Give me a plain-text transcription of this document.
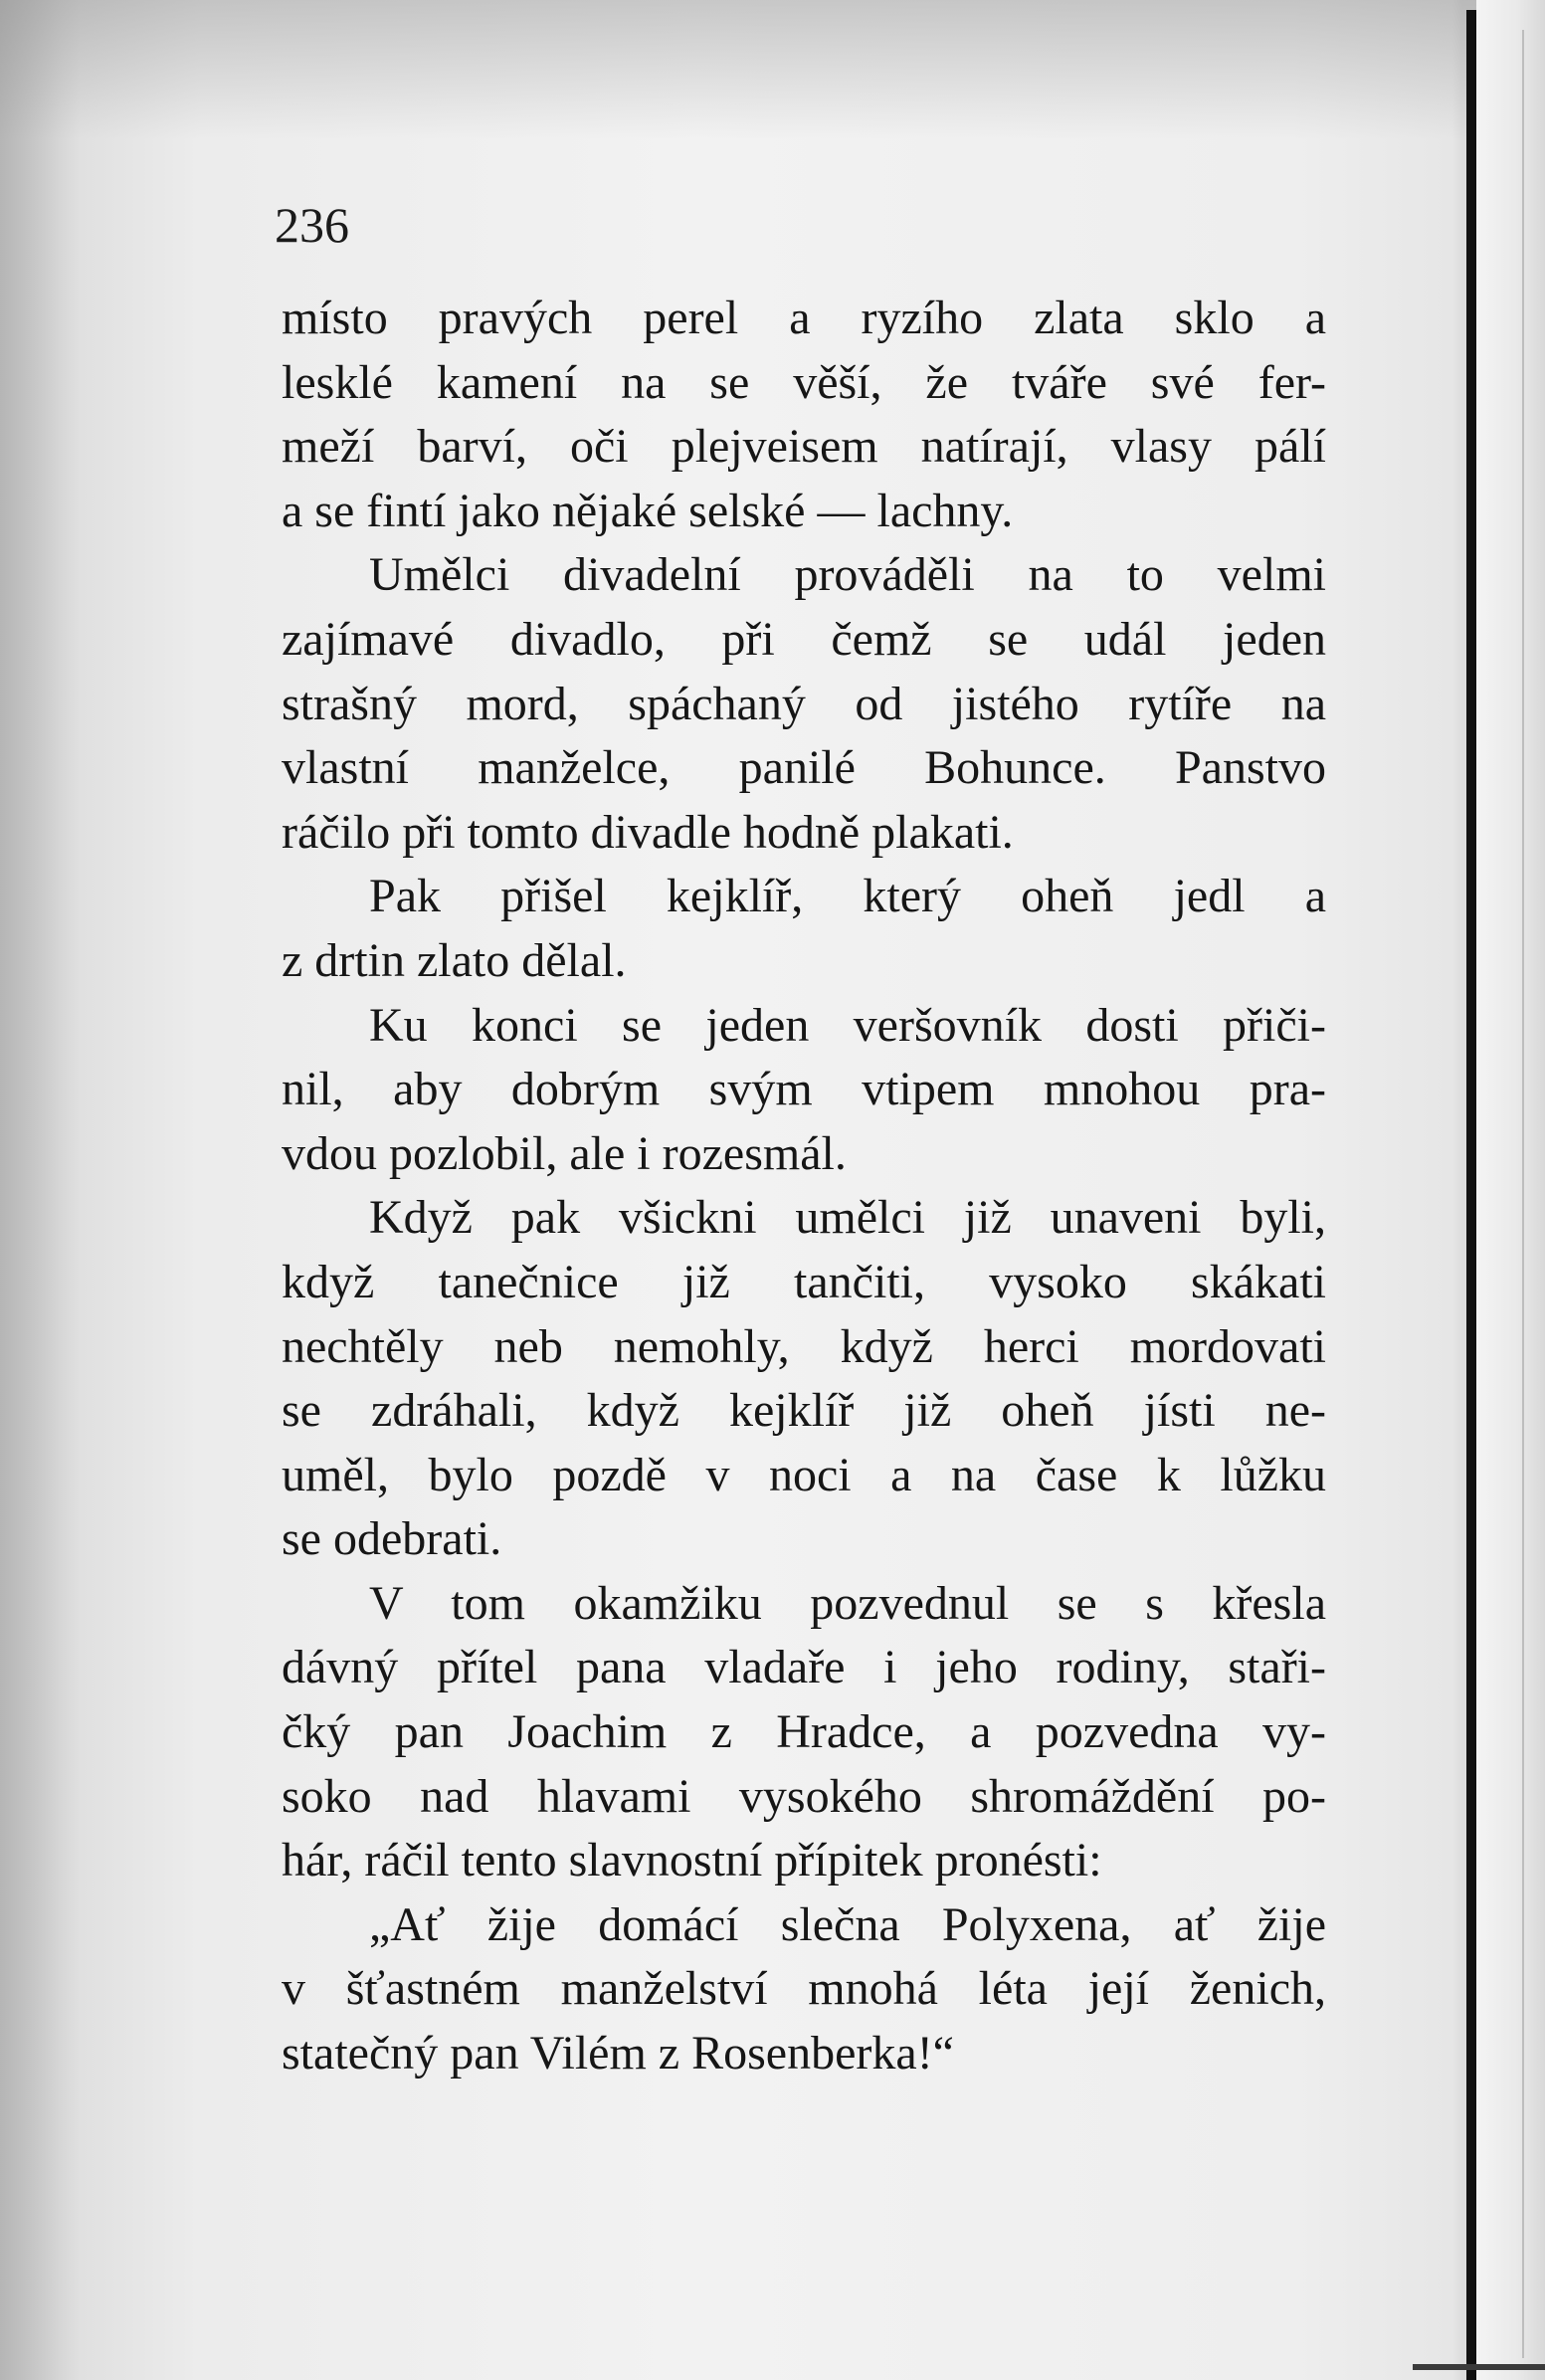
236
místo pravých perel a ryzího zlata sklo a
lesklé kamení na se věší, že tváře své fer-
meží barví, oči plejveisem natírají, vlasy pálí
a se fintí jako nějaké selské — lachny.
Umělci divadelní prováděli na to velmi
zajímavé divadlo, při čemž se udál jeden
strašný mord, spáchaný od jistého rytíře na
vlastní manželce, panilé Bohunce. Panstvo
ráčilo při tomto divadle hodně plakati.
Pak přišel kejklíř, který oheň jedl a
z drtin zlato dělal.
Ku konci se jeden veršovník dosti přiči-
nil, aby dobrým svým vtipem mnohou pra-
vdou pozlobil, ale i rozesmál.
Když pak všickni umělci již unaveni byli,
když tanečnice již tančiti, vysoko skákati
nechtěly neb nemohly, když herci mordovati
se zdráhali, když kejklíř již oheň jísti ne-
uměl, bylo pozdě v noci a na čase k lůžku
se odebrati.
V tom okamžiku pozvednul se s křesla
dávný přítel pana vladaře i jeho rodiny, staři-
čký pan Joachim z Hradce, a pozvedna vy-
soko nad hlavami vysokého shromáždění po-
hár, ráčil tento slavnostní přípitek pronésti:
„Ať žije domácí slečna Polyxena, ať žije
v šťastném manželství mnohá léta její ženich,
statečný pan Vilém z Rosenberka!“
